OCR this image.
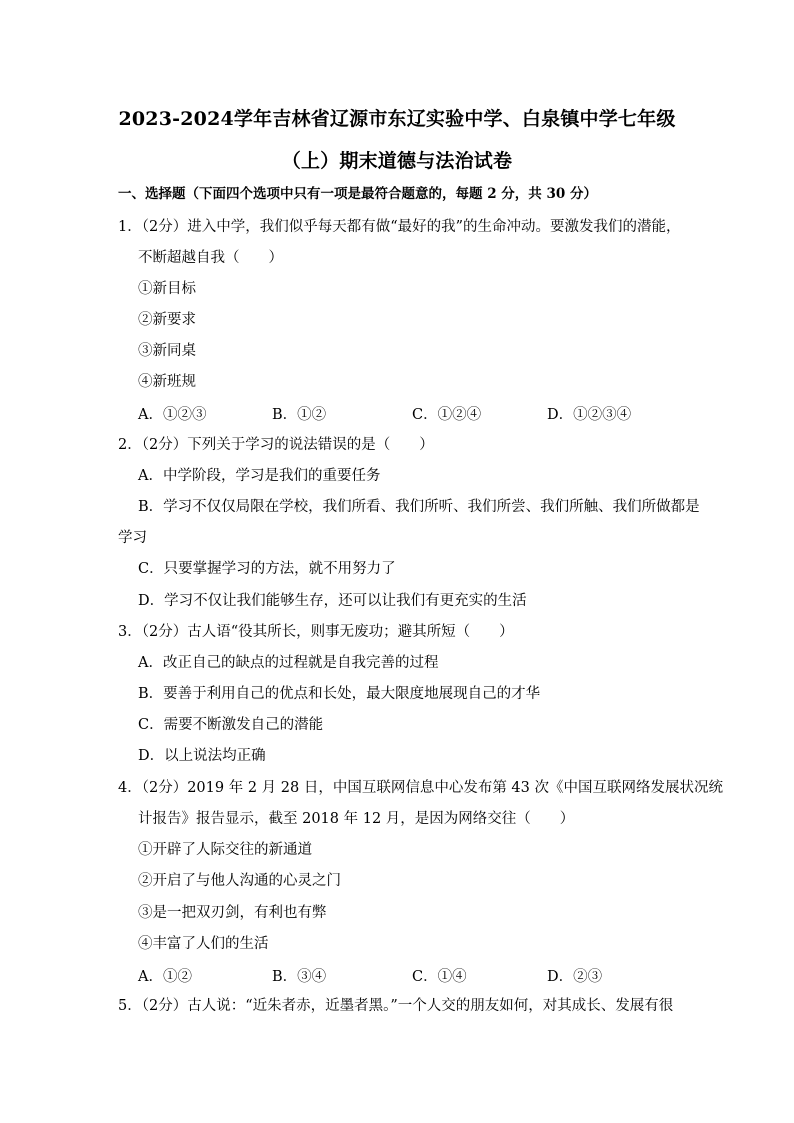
2023-2024学年吉林省辽源市东辽实验中学、白泉镇中学七年级
（上）期末道德与法治试卷
一、选择题（下面四个选项中只有一项是最符合题意的，每题 2 分，共 30 分）
1．（2分）进入中学，我们似乎每天都有做“最好的我”的生命冲动。要激发我们的潜能，
不断超越自我（　　）
①新目标
②新要求
③新同桌
④新班规
A．①②③	B．①②	C．①②④	D．①②③④
2．（2分）下列关于学习的说法错误的是（　　）
A．中学阶段，学习是我们的重要任务
B．学习不仅仅局限在学校，我们所看、我们所听、我们所尝、我们所触、我们所做都是
学习
C．只要掌握学习的方法，就不用努力了
D．学习不仅让我们能够生存，还可以让我们有更充实的生活
3．（2分）古人语“役其所长，则事无废功；避其所短（　　）
A．改正自己的缺点的过程就是自我完善的过程
B．要善于利用自己的优点和长处，最大限度地展现自己的才华
C．需要不断激发自己的潜能
D．以上说法均正确
4．（2分）2019 年 2 月 28 日，中国互联网信息中心发布第 43 次《中国互联网络发展状况统
计报告》报告显示，截至 2018 年 12 月，是因为网络交往（　　）
①开辟了人际交往的新通道
②开启了与他人沟通的心灵之门
③是一把双刃剑，有利也有弊
④丰富了人们的生活
A．①②	B．③④	C．①④	D．②③
5．（2分）古人说：“近朱者赤，近墨者黑。”一个人交的朋友如何，对其成长、发展有很
